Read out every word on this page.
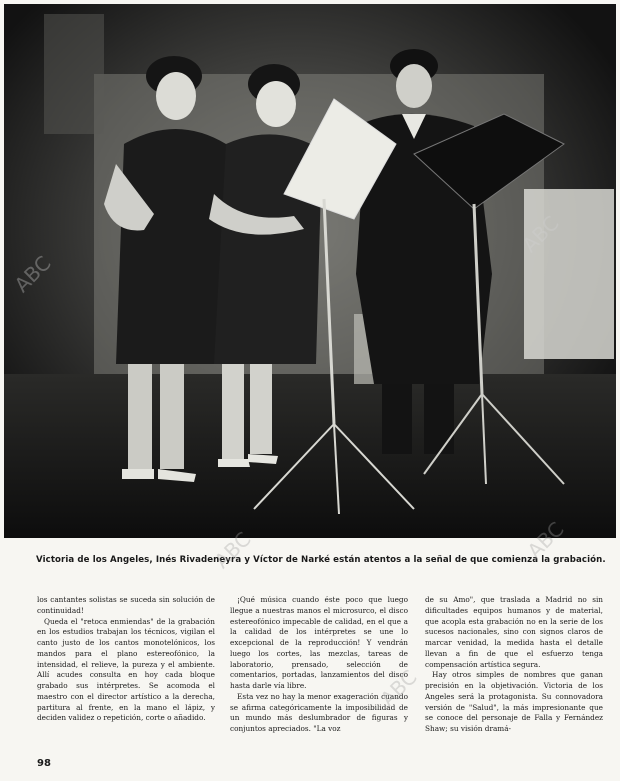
Victoria de los Angeles, Inés Rivadeneyra y Víctor de Narké están atentos a la señal de que comienza la grabación.

los cantantes solistas se suceda sin solución de continuidad!

Queda el "retoca enmiendas" de la grabación en los estudios trabajan los técnicos, vigilan el canto justo de los cantos monotelónicos, los mandos para el plano estereofónico, la intensidad, el relieve, la pureza y el ambiente. Allí acudes consulta en hoy cada bloque grabado sus intérpretes. Se acomoda el maestro con el director artístico a la derecha, partitura al frente, en la mano el lápiz, y deciden validez o repetición, corte o añadido.

¡Qué música cuando éste poco que luego llegue a nuestras manos el microsurco, el disco estereofónico impecable de calidad, en el que a la calidad de los intérpretes se une lo excepcional de la reproducción! Y vendrán luego los cortes, las mezclas, tareas de laboratorio, prensado, selección de comentarios, portadas, lanzamientos del disco hasta darle vía libre.

Esta vez no hay la menor exageración cuando se afirma categóricamente la imposibilidad de un mundo más deslumbrador de figuras y conjuntos apreciados. "La voz

de su Amo", que traslada a Madrid no sin dificultades equipos humanos y de material, que acopla esta grabación no en la serie de los sucesos nacionales, sino con signos claros de marcar venidad, la medida hasta el detalle llevan a fin de que el esfuerzo tenga compensación artística segura.

Hay otros simples de nombres que ganan precisión en la objetivación. Victoria de los Angeles será la protagonista. Su connovadora versión de "Salud", la más impresionante que se conoce del personaje de Falla y Fernández Shaw; su visión dramá-

98
ABC
ABC
ABC	ABC
ABC
